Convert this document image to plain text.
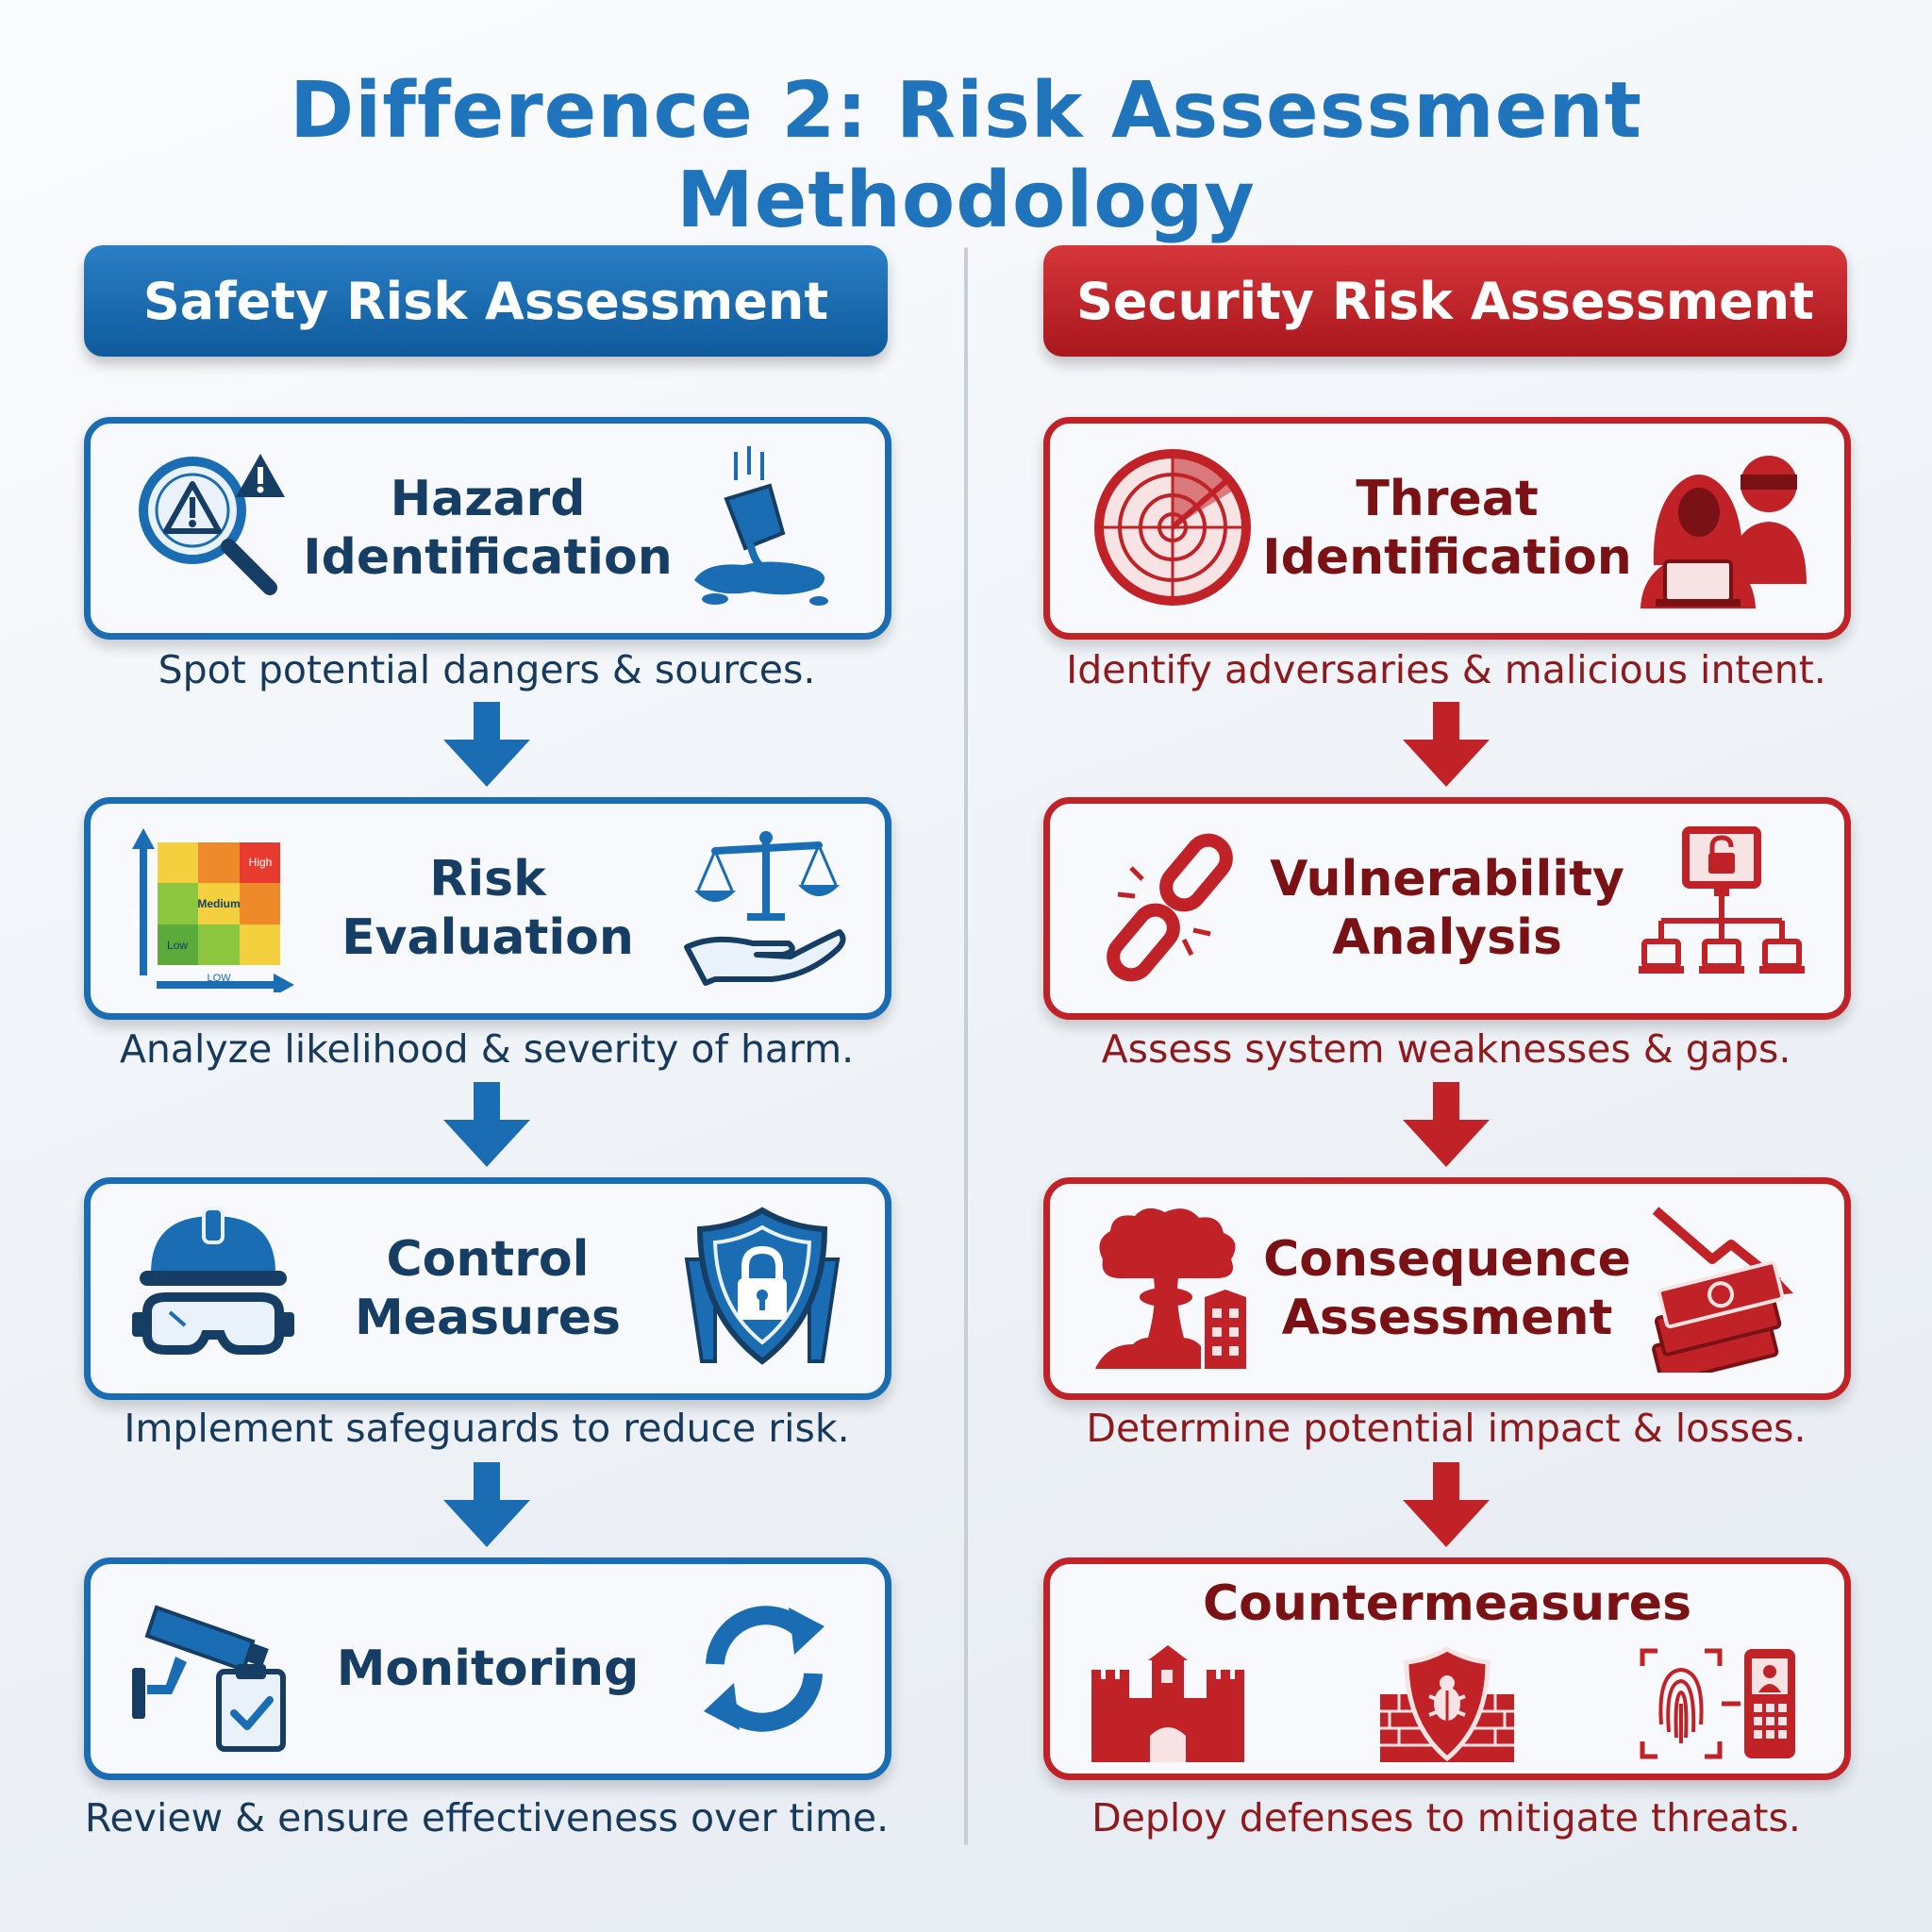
Difference 2: Risk Assessment Methodology
Safety Risk Assessment	Security Risk Assessment
Hazard
Identification
Spot potential dangers & sources.
High
Medium
Low
RISK
LOW
Risk
Evaluation
Analyze likelihood & severity of harm.
Control
Measures
Implement safeguards to reduce risk.
Monitoring
Review & ensure effectiveness over time.
Threat
Identification
Identify adversaries & malicious intent.
Vulnerability
Analysis
Assess system weaknesses & gaps.
Consequence
Assessment
Determine potential impact & losses.
Countermeasures
Deploy defenses to mitigate threats.
